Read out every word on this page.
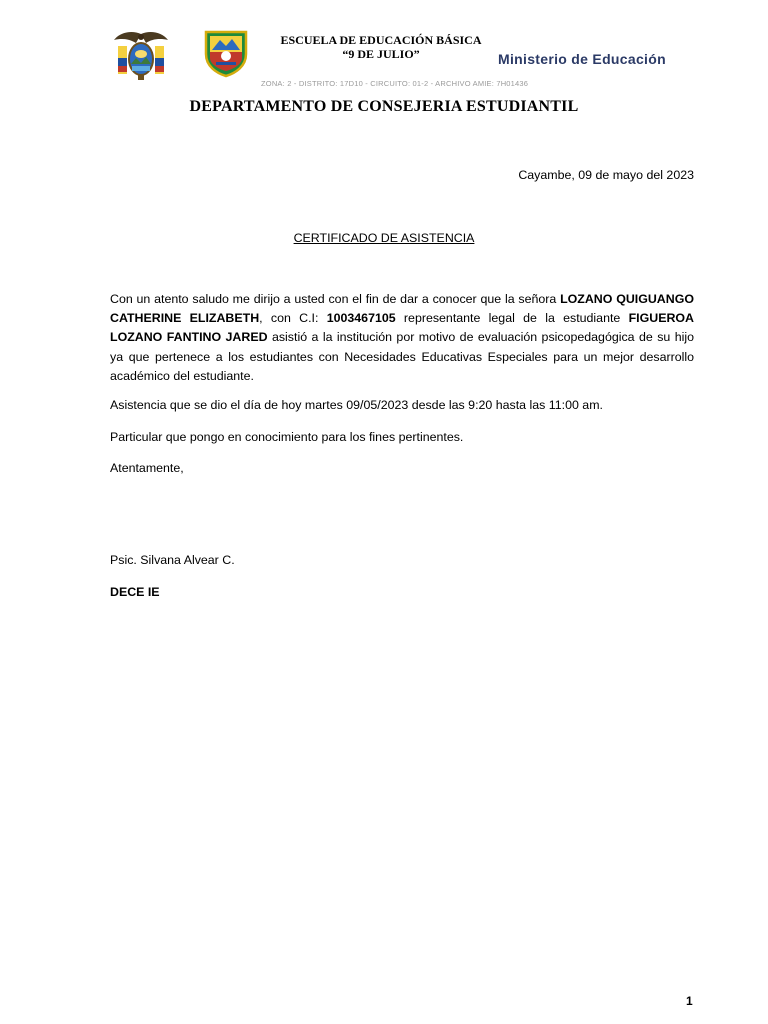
ESCUELA DE EDUCACIÓN BÁSICA
“9 DE JULIO”	Ministerio de Educación
ZONA: 2 - DISTRITO: 17D10 - CIRCUITO: 01-2 - ARCHIVO AMIE: 7H01436
DEPARTAMENTO DE CONSEJERIA ESTUDIANTIL
Cayambe, 09 de mayo del 2023
CERTIFICADO DE ASISTENCIA
Con un atento saludo me dirijo a usted con el fin de dar a conocer que la señora LOZANO QUIGUANGO CATHERINE ELIZABETH, con C.I: 1003467105 representante legal de la estudiante FIGUEROA LOZANO FANTINO JARED asistió a la institución por motivo de evaluación psicopedagógica de su hijo ya que pertenece a los estudiantes con Necesidades Educativas Especiales para un mejor desarrollo académico del estudiante.
Asistencia que se dio el día de hoy martes 09/05/2023 desde las 9:20 hasta las 11:00 am.
Particular que pongo en conocimiento para los fines pertinentes.
Atentamente,
Psic. Silvana Alvear C.
DECE IE
1
